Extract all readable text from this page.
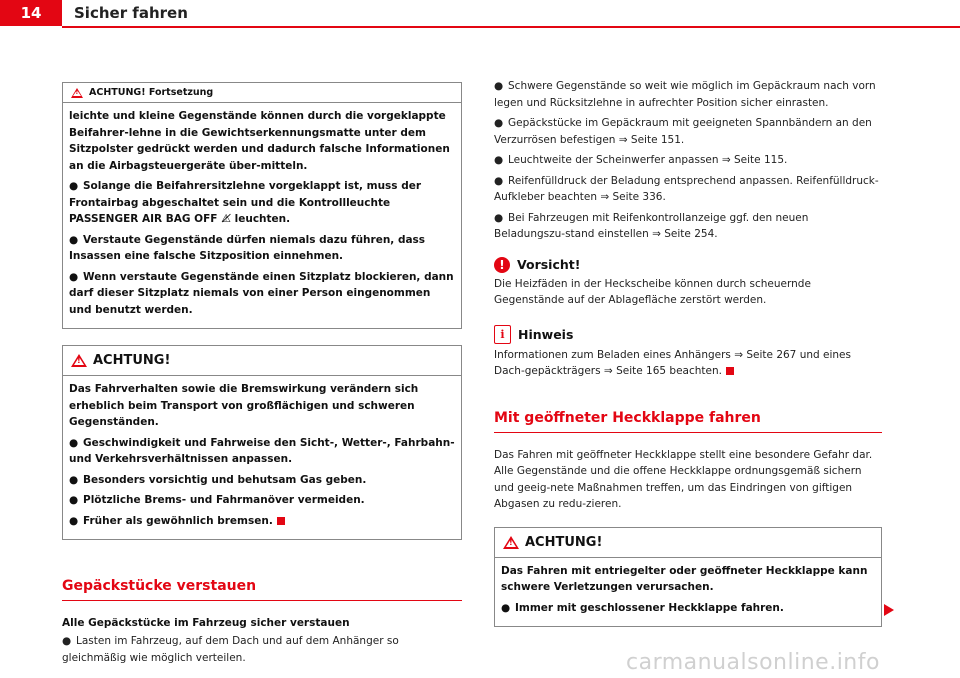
14	Sicher fahren
! ACHTUNG! Fortsetzung

leichte und kleine Gegenstände können durch die vorgeklappte Beifahrer-lehne in die Gewichtserkennungsmatte unter dem Sitzpolster gedrückt werden und dadurch falsche Informationen an die Airbagsteuergeräte über-mitteln.

● Solange die Beifahrersitzlehne vorgeklappt ist, muss der Frontairbag abgeschaltet sein und die Kontrollleuchte PASSENGER AIR BAG OFF ⚠̸ leuchten.

● Verstaute Gegenstände dürfen niemals dazu führen, dass Insassen eine falsche Sitzposition einnehmen.

● Wenn verstaute Gegenstände einen Sitzplatz blockieren, dann darf dieser Sitzplatz niemals von einer Person eingenommen und benutzt werden.

! ACHTUNG!

Das Fahrverhalten sowie die Bremswirkung verändern sich erheblich beim Transport von großflächigen und schweren Gegenständen.

● Geschwindigkeit und Fahrweise den Sicht-, Wetter-, Fahrbahn- und Verkehrsverhältnissen anpassen.

● Besonders vorsichtig und behutsam Gas geben.

● Plötzliche Brems- und Fahrmanöver vermeiden.

● Früher als gewöhnlich bremsen.

Gepäckstücke verstauen

Alle Gepäckstücke im Fahrzeug sicher verstauen

● Lasten im Fahrzeug, auf dem Dach und auf dem Anhänger so gleichmäßig wie möglich verteilen.

● Schwere Gegenstände so weit wie möglich im Gepäckraum nach vorn legen und Rücksitzlehne in aufrechter Position sicher einrasten.

● Gepäckstücke im Gepäckraum mit geeigneten Spannbändern an den Verzurrösen befestigen ⇒ Seite 151.

● Leuchtweite der Scheinwerfer anpassen ⇒ Seite 115.

● Reifenfülldruck der Beladung entsprechend anpassen. Reifenfülldruck-Aufkleber beachten ⇒ Seite 336.

● Bei Fahrzeugen mit Reifenkontrollanzeige ggf. den neuen Beladungszu-stand einstellen ⇒ Seite 254.

! Vorsicht!

Die Heizfäden in der Heckscheibe können durch scheuernde Gegenstände auf der Ablagefläche zerstört werden.

i	Hinweis

Informationen zum Beladen eines Anhängers ⇒ Seite 267 und eines Dach-gepäckträgers ⇒ Seite 165 beachten.

Mit geöffneter Heckklappe fahren

Das Fahren mit geöffneter Heckklappe stellt eine besondere Gefahr dar. Alle Gegenstände und die offene Heckklappe ordnungsgemäß sichern und geeig-nete Maßnahmen treffen, um das Eindringen von giftigen Abgasen zu redu-zieren.

! ACHTUNG!

Das Fahren mit entriegelter oder geöffneter Heckklappe kann schwere Verletzungen verursachen.

● Immer mit geschlossener Heckklappe fahren.

carmanualsonline.info
